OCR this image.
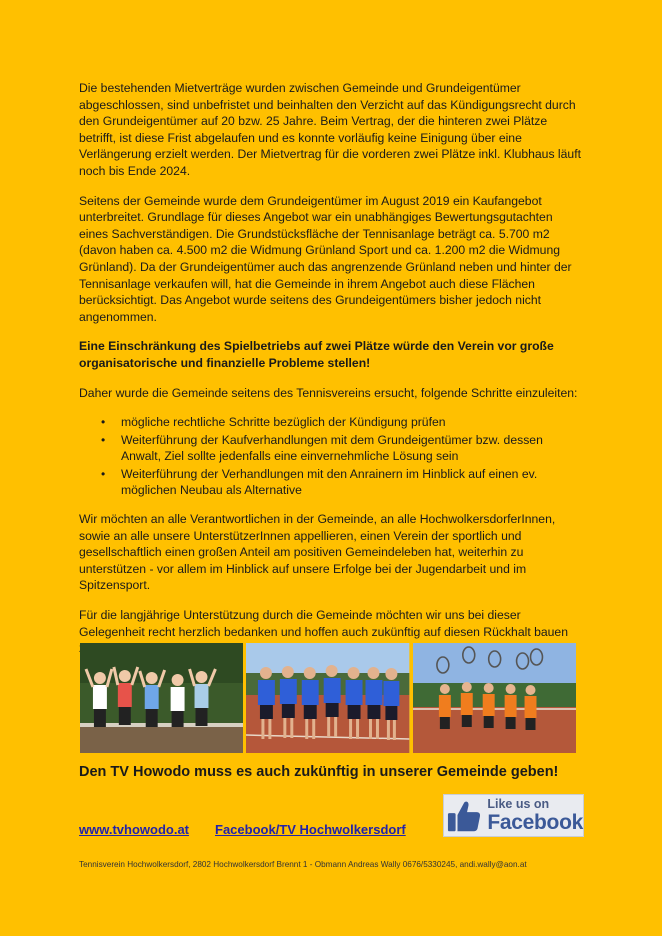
Die bestehenden Mietverträge wurden zwischen Gemeinde und Grundeigentümer abgeschlossen, sind unbefristet und beinhalten den Verzicht auf das Kündigungsrecht durch den Grundeigentümer auf 20 bzw. 25 Jahre. Beim Vertrag, der die hinteren zwei Plätze betrifft, ist diese Frist abgelaufen und es konnte vorläufig keine Einigung über eine Verlängerung erzielt werden. Der Mietvertrag für die vorderen zwei Plätze inkl. Klubhaus läuft noch bis Ende 2024.

Seitens der Gemeinde wurde dem Grundeigentümer im August 2019 ein Kaufangebot unterbreitet. Grundlage für dieses Angebot war ein unabhängiges Bewertungsgutachten eines Sachverständigen. Die Grundstücksfläche der Tennisanlage beträgt ca. 5.700 m2 (davon haben ca. 4.500 m2 die Widmung Grünland Sport und ca. 1.200 m2 die Widmung Grünland). Da der Grundeigentümer auch das angrenzende Grünland neben und hinter der Tennisanlage verkaufen will, hat die Gemeinde in ihrem Angebot auch diese Flächen berücksichtigt. Das Angebot wurde seitens des Grundeigentümers bisher jedoch nicht angenommen.

Eine Einschränkung des Spielbetriebs auf zwei Plätze würde den Verein vor große organisatorische und finanzielle Probleme stellen!

Daher wurde die Gemeinde seitens des Tennisvereins ersucht, folgende Schritte einzuleiten:

• mögliche rechtliche Schritte bezüglich der Kündigung prüfen
• Weiterführung der Kaufverhandlungen mit dem Grundeigentümer bzw. dessen Anwalt, Ziel sollte jedenfalls eine einvernehmliche Lösung sein
• Weiterführung der Verhandlungen mit den Anrainern im Hinblick auf einen ev. möglichen Neubau als Alternative

Wir möchten an alle Verantwortlichen in der Gemeinde, an alle HochwolkersdorferInnen, sowie an alle unsere UnterstützerInnen appellieren, einen Verein der sportlich und gesellschaftlich einen großen Anteil am positiven Gemeindeleben hat, weiterhin zu unterstützen - vor allem im Hinblick auf unsere Erfolge bei der Jugendarbeit und im Spitzensport.

Für die langjährige Unterstützung durch die Gemeinde möchten wir uns bei dieser Gelegenheit recht herzlich bedanken und hoffen auch zukünftig auf diesen Rückhalt bauen

Den TV Howodo muss es auch zukünftig in unserer Gemeinde geben!

Like us on
Facebook
www.tvhowodo.at Facebook/TV Hochwolkersdorf
Tennisverein Hochwolkersdorf, 2802 Hochwolkersdorf Brennt 1 - Obmann Andreas Wally 0676/5330245, andi.wally@aon.at
